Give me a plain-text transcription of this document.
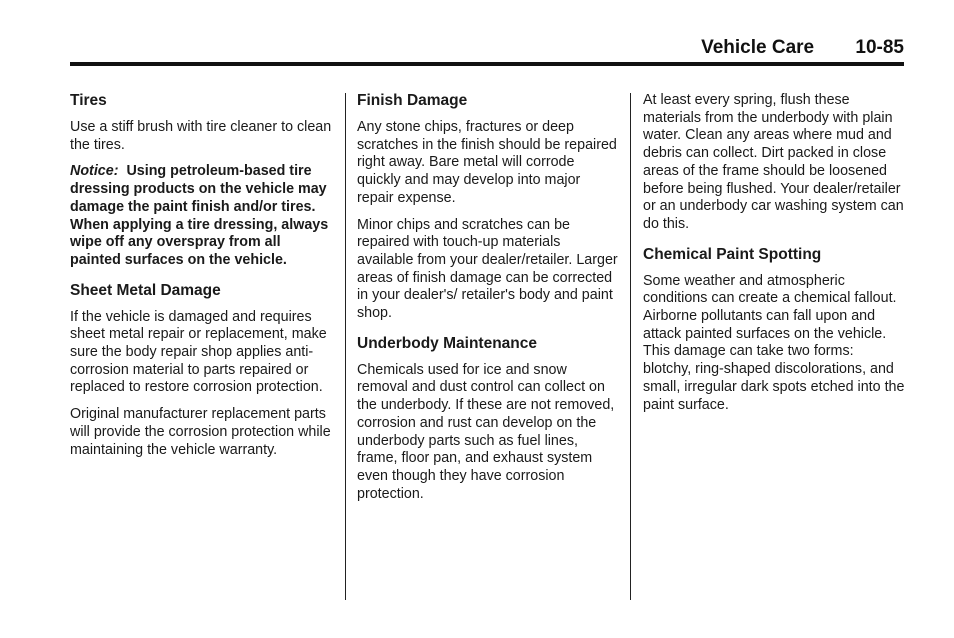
Vehicle Care 10-85
Tires

Use a stiff brush with tire cleaner to clean the tires.

Notice: Using petroleum-based tire dressing products on the vehicle may damage the paint finish and/or tires. When applying a tire dressing, always wipe off any overspray from all painted surfaces on the vehicle.

Sheet Metal Damage

If the vehicle is damaged and requires sheet metal repair or replacement, make sure the body repair shop applies anti-corrosion material to parts repaired or replaced to restore corrosion protection.

Original manufacturer replacement parts will provide the corrosion protection while maintaining the vehicle warranty.

Finish Damage

Any stone chips, fractures or deep scratches in the finish should be repaired right away. Bare metal will corrode quickly and may develop into major repair expense.

Minor chips and scratches can be repaired with touch-up materials available from your dealer/retailer. Larger areas of finish damage can be corrected in your dealer's/ retailer's body and paint shop.

Underbody Maintenance

Chemicals used for ice and snow removal and dust control can collect on the underbody. If these are not removed, corrosion and rust can develop on the underbody parts such as fuel lines, frame, floor pan, and exhaust system even though they have corrosion protection.

At least every spring, flush these materials from the underbody with plain water. Clean any areas where mud and debris can collect. Dirt packed in close areas of the frame should be loosened before being flushed. Your dealer/retailer or an underbody car washing system can do this.

Chemical Paint Spotting

Some weather and atmospheric conditions can create a chemical fallout. Airborne pollutants can fall upon and attack painted surfaces on the vehicle. This damage can take two forms: blotchy, ring-shaped discolorations, and small, irregular dark spots etched into the paint surface.
